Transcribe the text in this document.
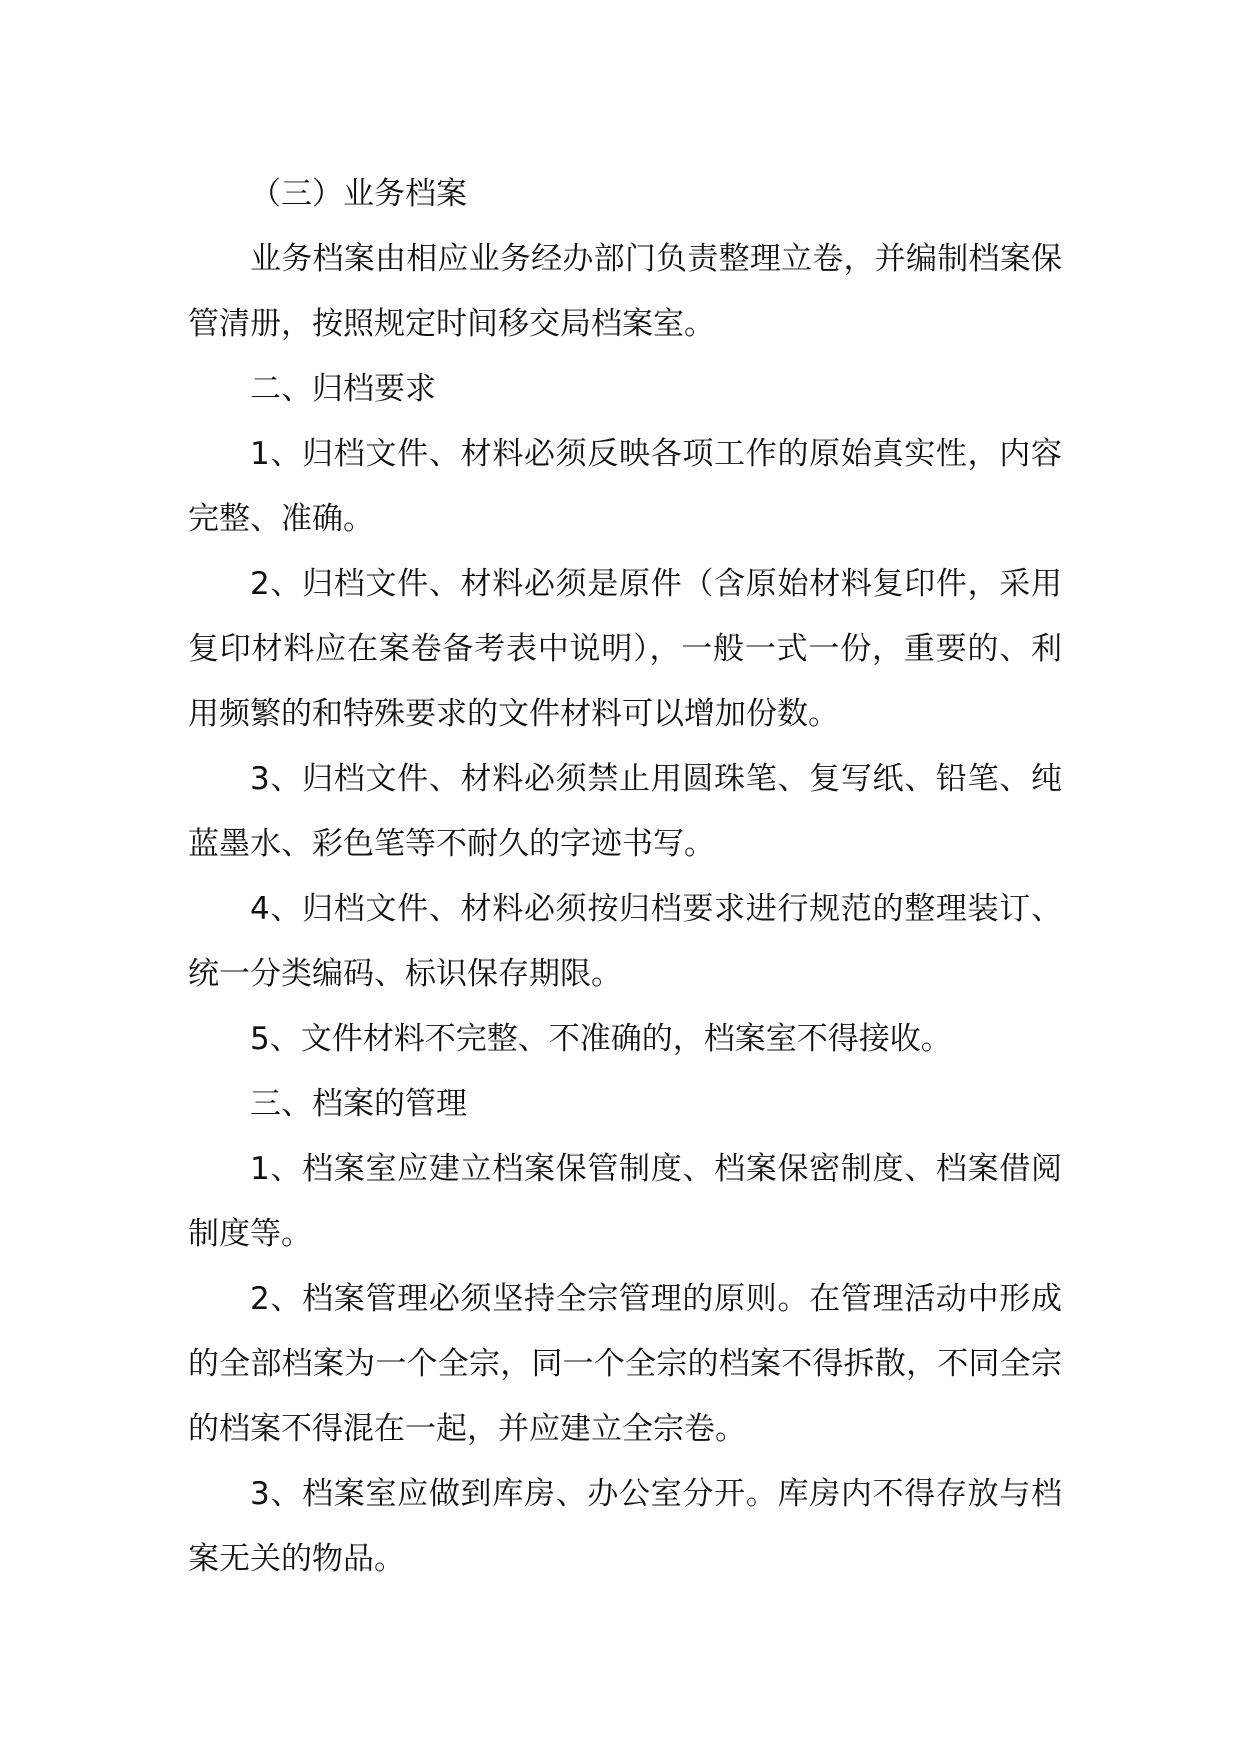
（三）业务档案

业务档案由相应业务经办部门负责整理立卷，并编制档案保管清册，按照规定时间移交局档案室。

二、归档要求

1、归档文件、材料必须反映各项工作的原始真实性，内容完整、准确。

2、归档文件、材料必须是原件（含原始材料复印件，采用复印材料应在案卷备考表中说明），一般一式一份，重要的、利用频繁的和特殊要求的文件材料可以增加份数。

3、归档文件、材料必须禁止用圆珠笔、复写纸、铅笔、纯蓝墨水、彩色笔等不耐久的字迹书写。

4、归档文件、材料必须按归档要求进行规范的整理装订、统一分类编码、标识保存期限。

5、文件材料不完整、不准确的，档案室不得接收。

三、档案的管理

1、档案室应建立档案保管制度、档案保密制度、档案借阅制度等。

2、档案管理必须坚持全宗管理的原则。在管理活动中形成的全部档案为一个全宗，同一个全宗的档案不得拆散，不同全宗的档案不得混在一起，并应建立全宗卷。

3、档案室应做到库房、办公室分开。库房内不得存放与档案无关的物品。
